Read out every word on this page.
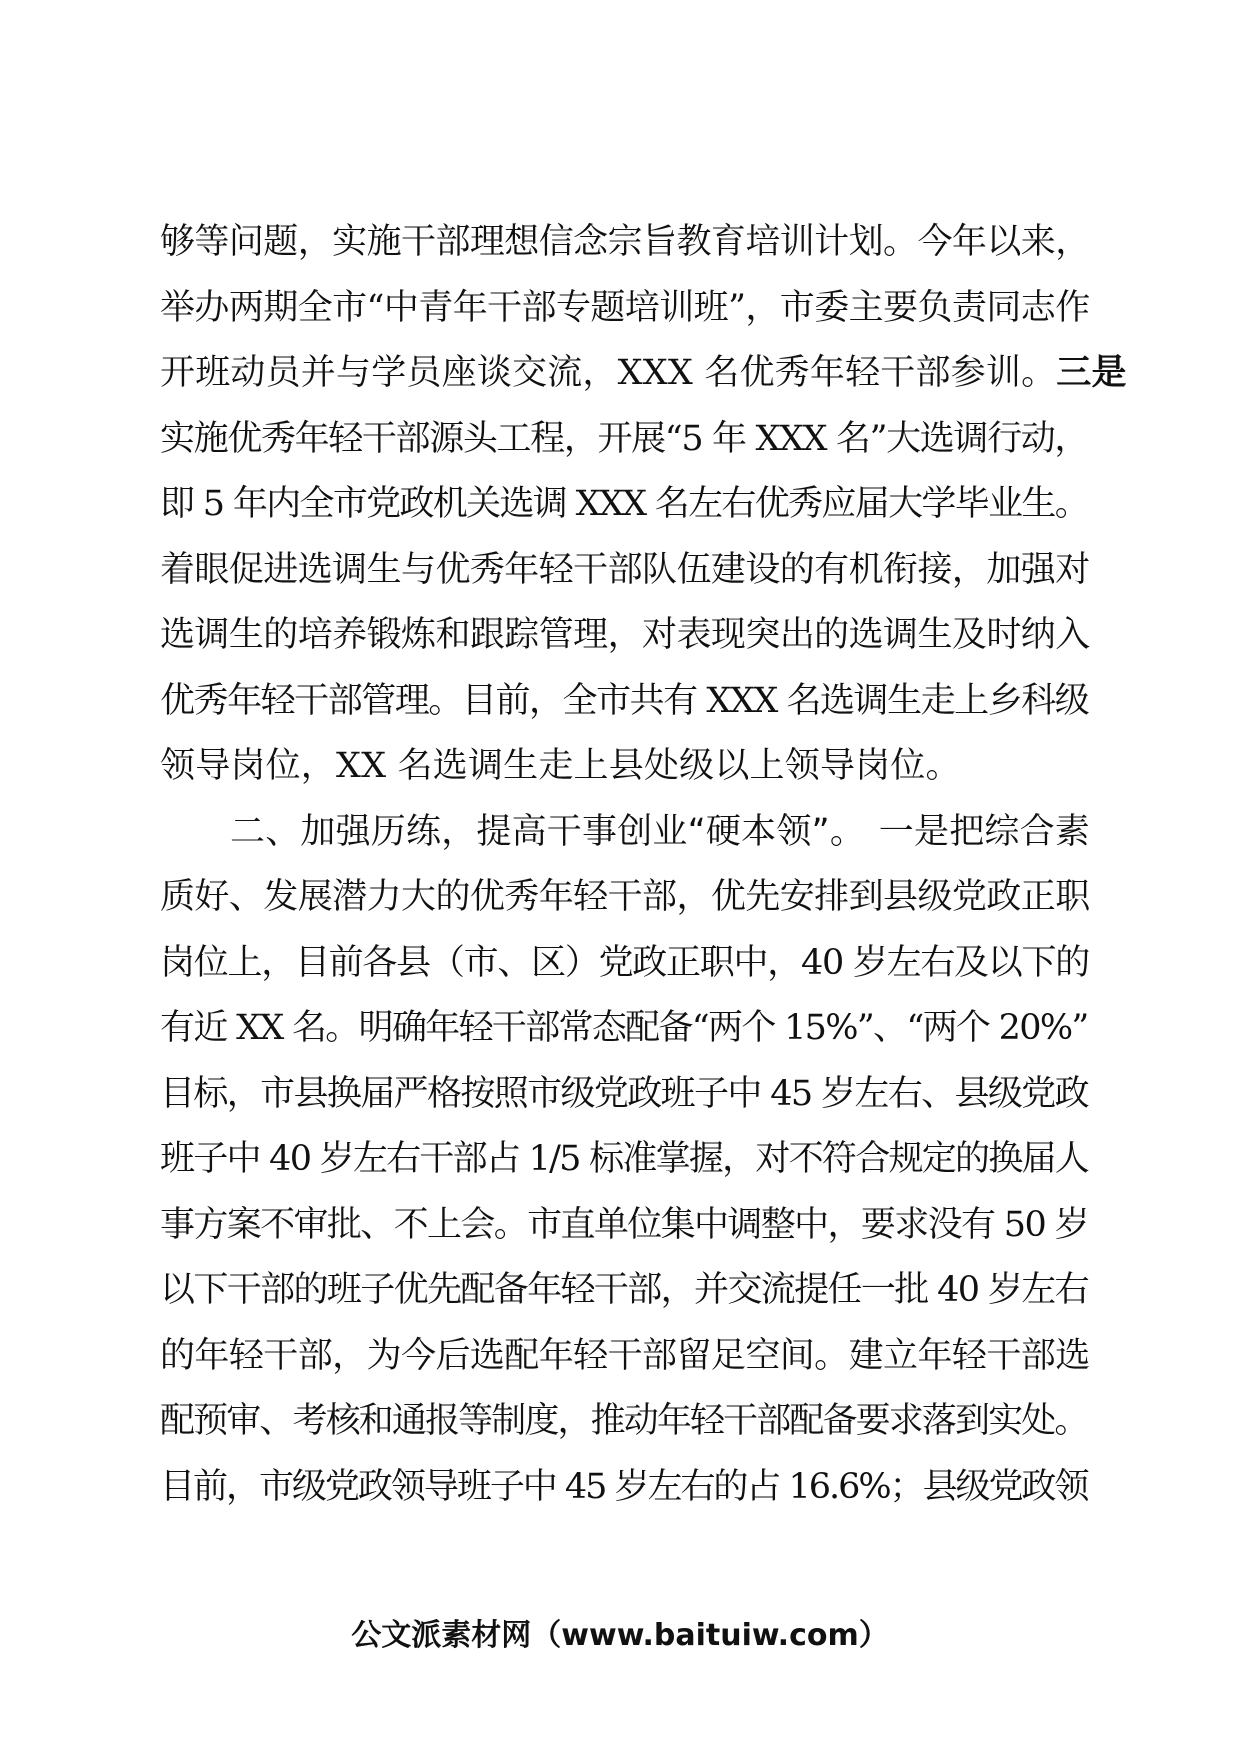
够等问题，实施干部理想信念宗旨教育培训计划。今年以来，
举办两期全市“中青年干部专题培训班”，市委主要负责同志作
开班动员并与学员座谈交流，XXX 名优秀年轻干部参训。 三是
实施优秀年轻干部源头工程，开展“5 年 XXX 名”大选调行动，
即 5 年内全市党政机关选调 XXX 名左右优秀应届大学毕业生。
着眼促进选调生与优秀年轻干部队伍建设的有机衔接，加强对
选调生的培养锻炼和跟踪管理，对表现突出的选调生及时纳入
优秀年轻干部管理。目前，全市共有 XXX 名选调生走上乡科级
领导岗位，XX 名选调生走上县处级以上领导岗位。
二、加强历练，提高干事创业“硬本领”。 一是把综合素
质好、发展潜力大的优秀年轻干部，优先安排到县级党政正职
岗位上，目前各县（市、区）党政正职中，40 岁左右及以下的
有近 XX 名。明确年轻干部常态配备“两个 15%”、“两个 20%”
目标，市县换届严格按照市级党政班子中 45 岁左右、县级党政
班子中 40 岁左右干部占 1/5 标准掌握，对不符合规定的换届人
事方案不审批、不上会。市直单位集中调整中，要求没有 50 岁
以下干部的班子优先配备年轻干部，并交流提任一批 40 岁左右
的年轻干部，为今后选配年轻干部留足空间。建立年轻干部选
配预审、考核和通报等制度，推动年轻干部配备要求落到实处。
目前，市级党政领导班子中 45 岁左右的占 16.6%；县级党政领
公文派素材网（www.baituiw.com）
